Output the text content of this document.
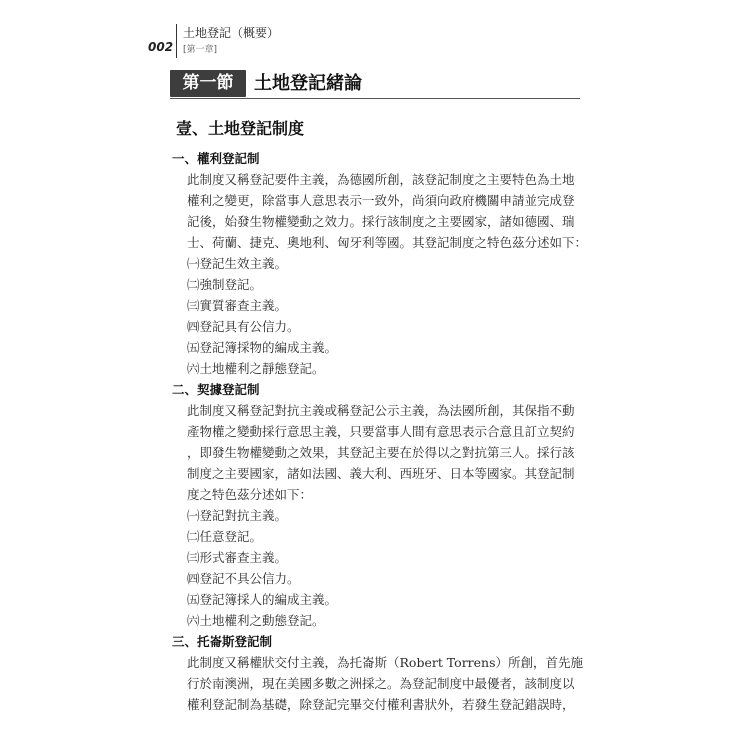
002
土地登記（概要）
[第一章]
第一節	土地登記緒論
壹、土地登記制度
一、權利登記制
此制度又稱登記要件主義，為德國所創，該登記制度之主要特色為土地
權利之變更，除當事人意思表示一致外，尚須向政府機關申請並完成登
記後，始發生物權變動之效力。採行該制度之主要國家，諸如德國、瑞
士、荷蘭、捷克、奧地利、匈牙利等國。其登記制度之特色茲分述如下：
㈠登記生效主義。
㈡強制登記。
㈢實質審查主義。
㈣登記具有公信力。
㈤登記簿採物的編成主義。
㈥土地權利之靜態登記。
二、契據登記制
此制度又稱登記對抗主義或稱登記公示主義，為法國所創，其保指不動
產物權之變動採行意思主義，只要當事人間有意思表示合意且訂立契約
，即發生物權變動之效果，其登記主要在於得以之對抗第三人。採行該
制度之主要國家，諸如法國、義大利、西班牙、日本等國家。其登記制
度之特色茲分述如下：
㈠登記對抗主義。
㈡任意登記。
㈢形式審查主義。
㈣登記不具公信力。
㈤登記簿採人的編成主義。
㈥土地權利之動態登記。
三、托崙斯登記制
此制度又稱權狀交付主義，為托崙斯（Robert Torrens）所創，首先施
行於南澳洲，現在美國多數之洲採之。為登記制度中最優者，該制度以
權利登記制為基礎，除登記完畢交付權利書狀外，若發生登記錯誤時，
